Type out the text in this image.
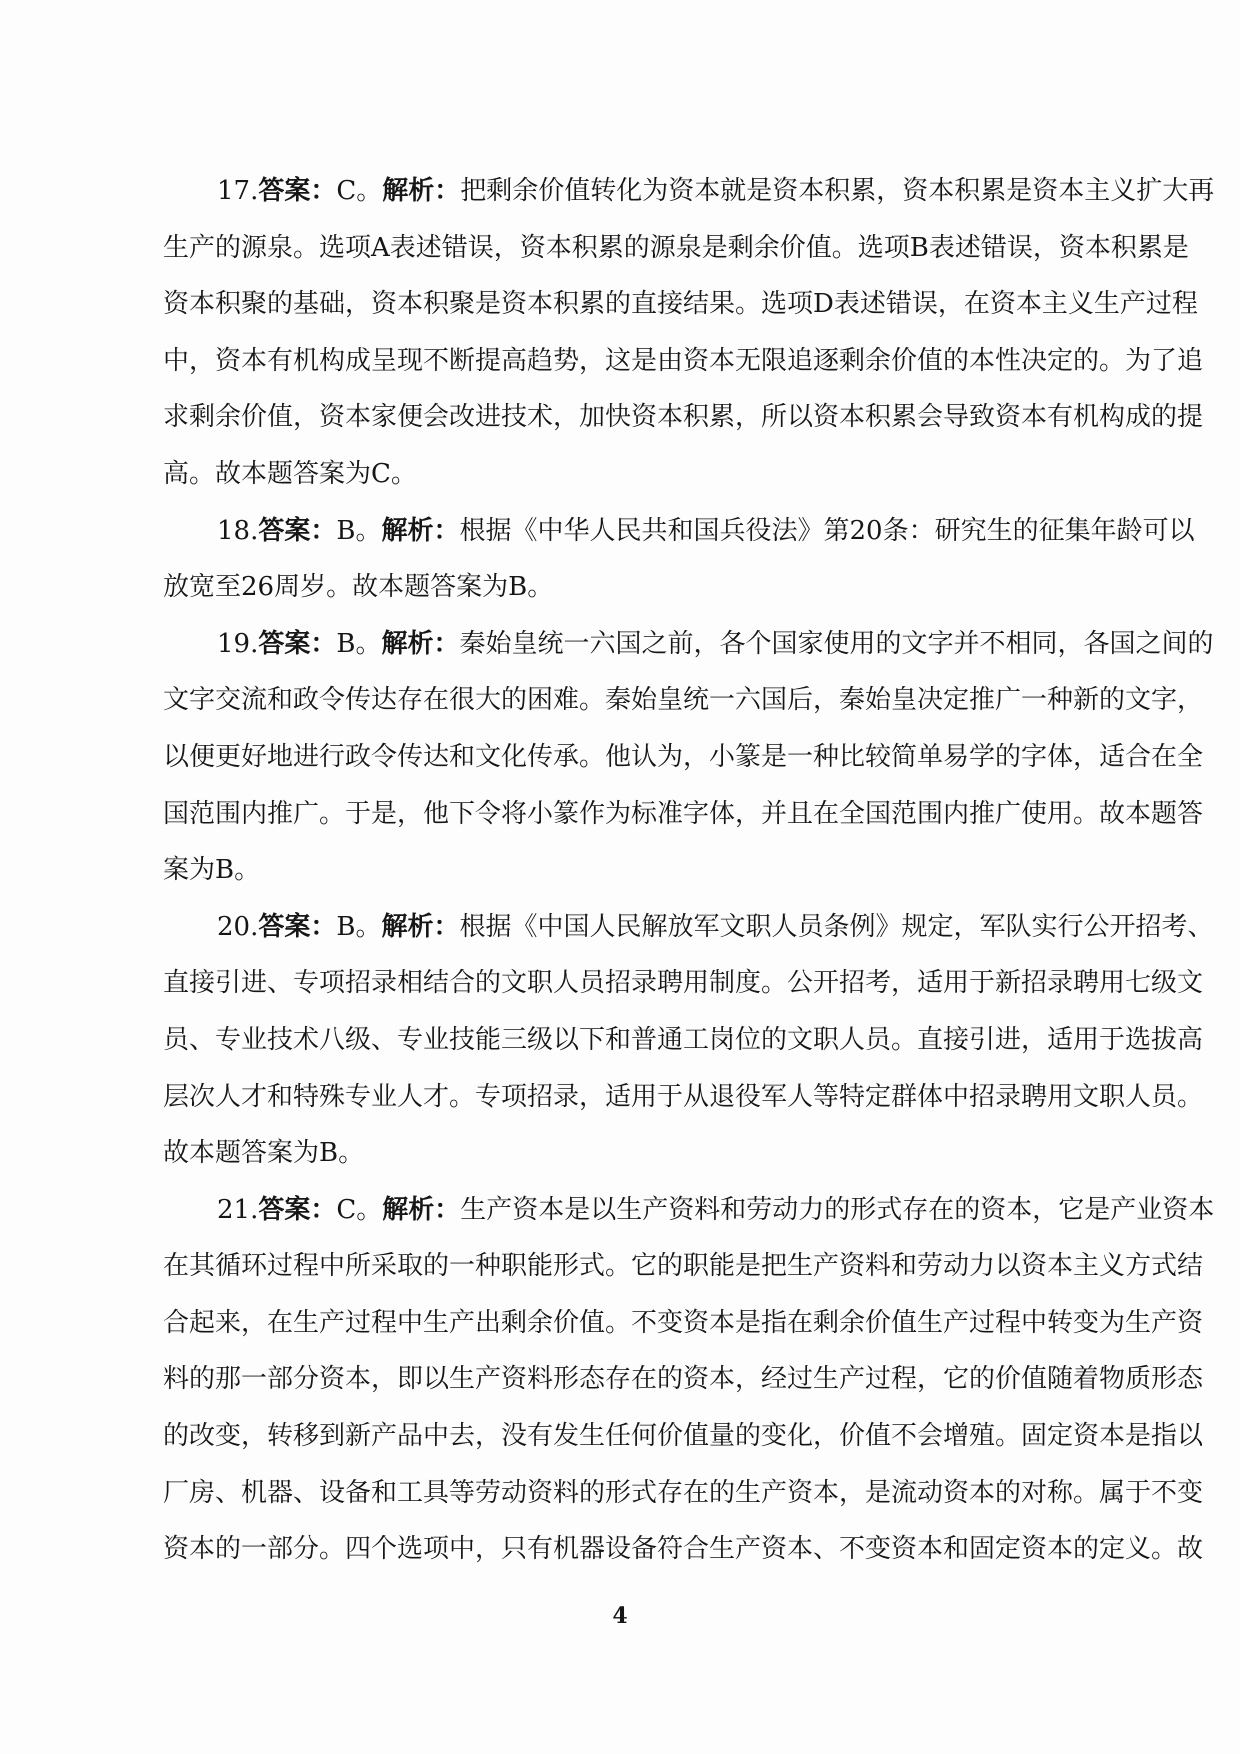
17.答案：C。解析：把剩余价值转化为资本就是资本积累，资本积累是资本主义扩大再
生产的源泉。选项A表述错误，资本积累的源泉是剩余价值。选项B表述错误，资本积累是
资本积聚的基础，资本积聚是资本积累的直接结果。选项D表述错误，在资本主义生产过程
中，资本有机构成呈现不断提高趋势，这是由资本无限追逐剩余价值的本性决定的。为了追
求剩余价值，资本家便会改进技术，加快资本积累，所以资本积累会导致资本有机构成的提
高。故本题答案为C。
18.答案：B。解析：根据《中华人民共和国兵役法》第20条：研究生的征集年龄可以
放宽至26周岁。故本题答案为B。
19.答案：B。解析：秦始皇统一六国之前，各个国家使用的文字并不相同，各国之间的
文字交流和政令传达存在很大的困难。秦始皇统一六国后，秦始皇决定推广一种新的文字，
以便更好地进行政令传达和文化传承。他认为，小篆是一种比较简单易学的字体，适合在全
国范围内推广。于是，他下令将小篆作为标准字体，并且在全国范围内推广使用。故本题答
案为B。
20.答案：B。解析：根据《中国人民解放军文职人员条例》规定，军队实行公开招考、
直接引进、专项招录相结合的文职人员招录聘用制度。公开招考，适用于新招录聘用七级文
员、专业技术八级、专业技能三级以下和普通工岗位的文职人员。直接引进，适用于选拔高
层次人才和特殊专业人才。专项招录，适用于从退役军人等特定群体中招录聘用文职人员。
故本题答案为B。
21.答案：C。解析：生产资本是以生产资料和劳动力的形式存在的资本，它是产业资本
在其循环过程中所采取的一种职能形式。它的职能是把生产资料和劳动力以资本主义方式结
合起来，在生产过程中生产出剩余价值。不变资本是指在剩余价值生产过程中转变为生产资
料的那一部分资本，即以生产资料形态存在的资本，经过生产过程，它的价值随着物质形态
的改变，转移到新产品中去，没有发生任何价值量的变化，价值不会增殖。固定资本是指以
厂房、机器、设备和工具等劳动资料的形式存在的生产资本，是流动资本的对称。属于不变
资本的一部分。四个选项中，只有机器设备符合生产资本、不变资本和固定资本的定义。故
4
